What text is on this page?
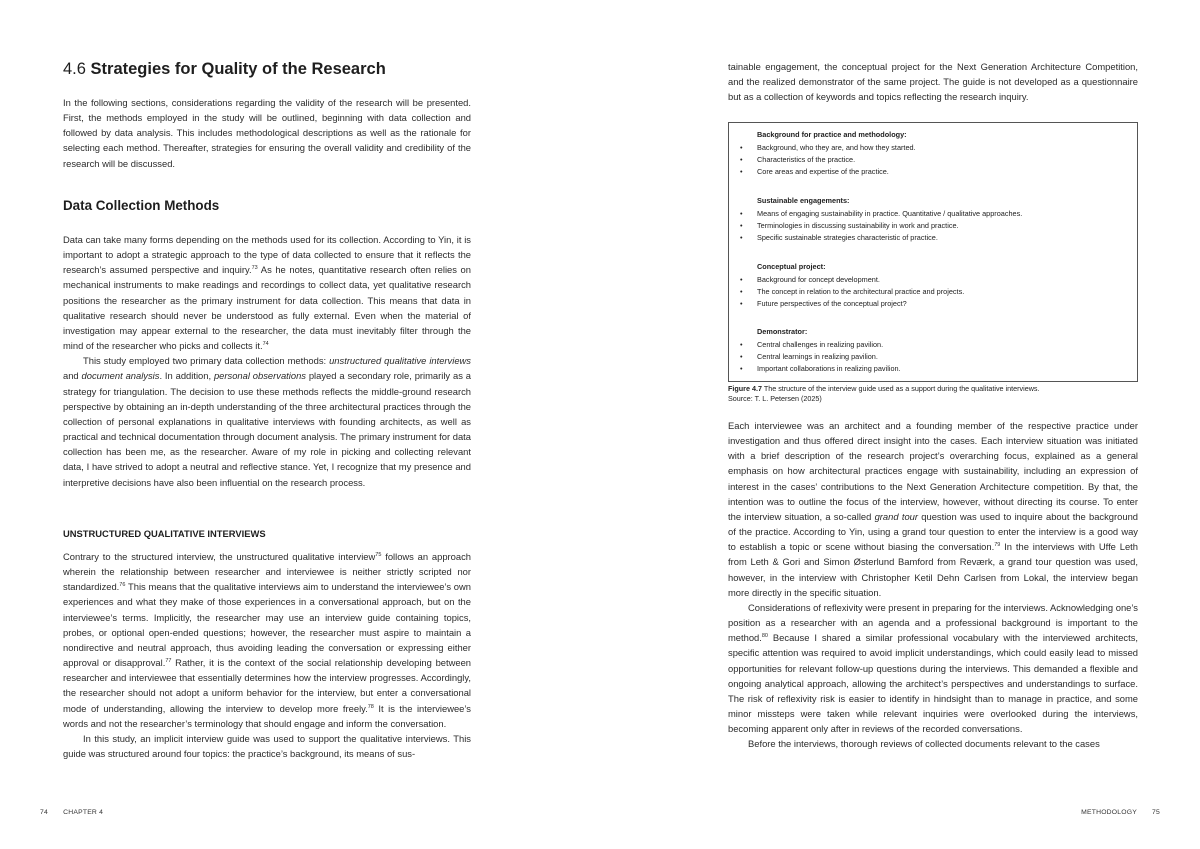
4.6 Strategies for Quality of the Research

In the following sections, considerations regarding the validity of the research will be presented. First, the methods employed in the study will be outlined, beginning with data collection and followed by data analysis. This includes methodological descriptions as well as the rationale for selecting each method. Thereafter, strategies for ensuring the overall validity and credibility of the research will be discussed.

Data Collection Methods

Data can take many forms depending on the methods used for its collection. According to Yin, it is important to adopt a strategic approach to the type of data collected to ensure that it reflects the research’s assumed perspective and inquiry.$^{73}$ As he notes, quantitative research often relies on mechanical instruments to make readings and recordings to collect data, yet qualitative research positions the researcher as the primary instrument for data collection. This means that data in qualitative research should never be understood as fully external. Even when the material of investigation may appear external to the researcher, the data must inevitably filter through the mind of the researcher who picks and collects it.$^{74}$

This study employed two primary data collection methods: unstructured qualitative interviews and document analysis. In addition, personal observations played a secondary role, primarily as a strategy for triangulation. The decision to use these methods reflects the middle-ground research perspective by obtaining an in-depth understanding of the three architectural practices through the collection of personal explanations in qualitative interviews with founding architects, as well as practical and technical documentation through document analysis. The primary instrument for data collection has been me, as the researcher. Aware of my role in picking and collecting relevant data, I have strived to adopt a neutral and reflective stance. Yet, I recognize that my presence and interpretive decisions have also been influential on the research process.

UNSTRUCTURED QUALITATIVE INTERVIEWS

Contrary to the structured interview, the unstructured qualitative interview$^{75}$ follows an approach wherein the relationship between researcher and interviewee is neither strictly scripted nor standardized.$^{76}$ This means that the qualitative interviews aim to understand the interviewee’s own experiences and what they make of those experiences in a conversational approach, but on the interviewee’s terms. Implicitly, the researcher may use an interview guide containing topics, probes, or optional open-ended questions; however, the researcher must aspire to maintain a nondirective and neutral approach, thus avoiding leading the conversation or expressing either approval or disapproval.$^{77}$ Rather, it is the context of the social relationship developing between researcher and interviewee that essentially determines how the interview progresses. Accordingly, the researcher should not adopt a uniform behavior for the interview, but enter a conversational mode of understanding, allowing the interview to develop more freely.$^{78}$ It is the interviewee’s words and not the researcher’s terminology that should engage and inform the conversation.

In this study, an implicit interview guide was used to support the qualitative interviews. This guide was structured around four topics: the practice’s background, its means of sus-

74 CHAPTER 4

tainable engagement, the conceptual project for the Next Generation Architecture Competition, and the realized demonstrator of the same project. The guide is not developed as a questionnaire but as a collection of keywords and topics reflecting the research inquiry.

Each interviewee was an architect and a founding member of the respective practice under investigation and thus offered direct insight into the cases. Each interview situation was initiated with a brief description of the research project’s overarching focus, explained as a general emphasis on how architectural practices engage with sustainability, including an expression of interest in the cases’ contributions to the Next Generation Architecture competition. By that, the intention was to outline the focus of the interview, however, without directing its course. To enter the interview situation, a so-called grand tour question was used to inquire about the background of the practice. According to Yin, using a grand tour question to enter the interview is a good way to establish a topic or scene without biasing the conversation.$^{79}$ In the interviews with Uffe Leth from Leth & Gori and Simon Østerlund Bamford from Reværk, a grand tour question was used, however, in the interview with Christopher Ketil Dehn Carlsen from Lokal, the interview began more directly in the specific situation.

Considerations of reflexivity were present in preparing for the interviews. Acknowledging one’s position as a researcher with an agenda and a professional background is important to the method.$^{80}$ Because I shared a similar professional vocabulary with the interviewed architects, specific attention was required to avoid implicit understandings, which could easily lead to missed opportunities for relevant follow-up questions during the interviews. This demanded a flexible and ongoing analytical approach, allowing the architect’s perspectives and understandings to surface. The risk of reflexivity risk is easier to identify in hindsight than to manage in practice, and some minor missteps were taken while relevant inquiries were overlooked during the interviews, becoming apparent only after in reviews of the recorded conversations.

Before the interviews, thorough reviews of collected documents relevant to the cases

Background for practice and methodology:
• Background, who they are, and how they started.
• Characteristics of the practice.
• Core areas and expertise of the practice.
Sustainable engagements:
• Means of engaging sustainability in practice. Quantitative / qualitative approaches.
• Terminologies in discussing sustainability in work and practice.
• Specific sustainable strategies characteristic of practice.
Conceptual project:
• Background for concept development.
• The concept in relation to the architectural practice and projects.
• Future perspectives of the conceptual project?
Demonstrator:
• Central challenges in realizing pavilion.
• Central learnings in realizing pavilion.
• Important collaborations in realizing pavilion.
Figure 4.7 The structure of the interview guide used as a support during the qualitative interviews.
Source: T. L. Petersen (2025)
METHODOLOGY 75
